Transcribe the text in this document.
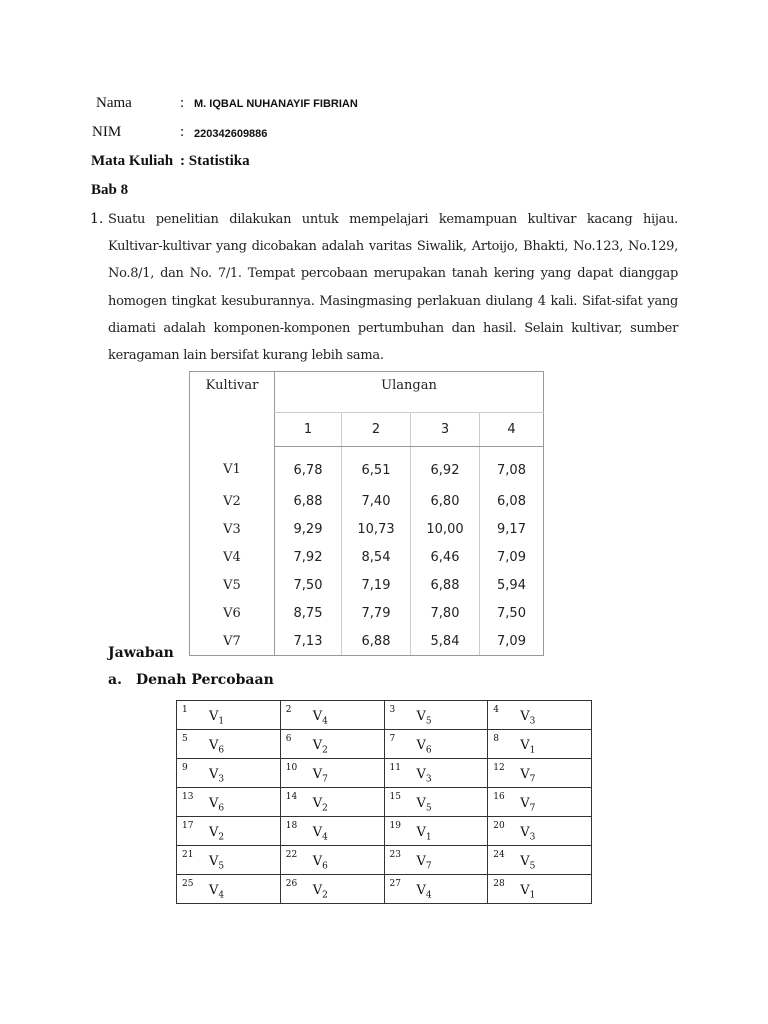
Nama	: M. IQBAL NUHANAYIF FIBRIAN
NIM	: 220342609886
Mata Kuliah : Statistika
Bab 8
1. Suatu penelitian dilakukan untuk mempelajari kemampuan kultivar kacang hijau. Kultivar-kultivar yang dicobakan adalah varitas Siwalik, Artoijo, Bhakti, No.123, No.129, No.8/1, dan No. 7/1. Tempat percobaan merupakan tanah kering yang dapat dianggap homogen tingkat kesuburannya. Masingmasing perlakuan diulang 4 kali. Sifat-sifat yang diamati adalah komponen-komponen pertumbuhan dan hasil. Selain kultivar, sumber keragaman lain bersifat kurang lebih sama.
Kultivar	Ulangan			
	1	2	3	4
V1	6,78	6,51	6,92	7,08
V2	6,88	7,40	6,80	6,08
V3	9,29	10,73	10,00	9,17
V4	7,92	8,54	6,46	7,09
V5	7,50	7,19	6,88	5,94
V6	8,75	7,79	7,80	7,50
V7	7,13	6,88	5,84	7,09
Jawaban
a. Denah Percobaan
1 $V_1$	2 $V_4$	3 $V_5$	4 $V_3$

5 $V_6$	6 $V_2$	7 $V_6$	8 $V_1$

9 $V_3$	10 $V_7$	11 $V_3$	12 $V_7$

13 $V_6$	14 $V_2$	15 $V_5$	16 $V_7$

17 $V_2$	18 $V_4$	19 $V_1$	20 $V_3$

21 $V_5$	22 $V_6$	23 $V_7$	24 $V_5$

25 $V_4$	26 $V_2$	27 $V_4$	28 $V_1$
